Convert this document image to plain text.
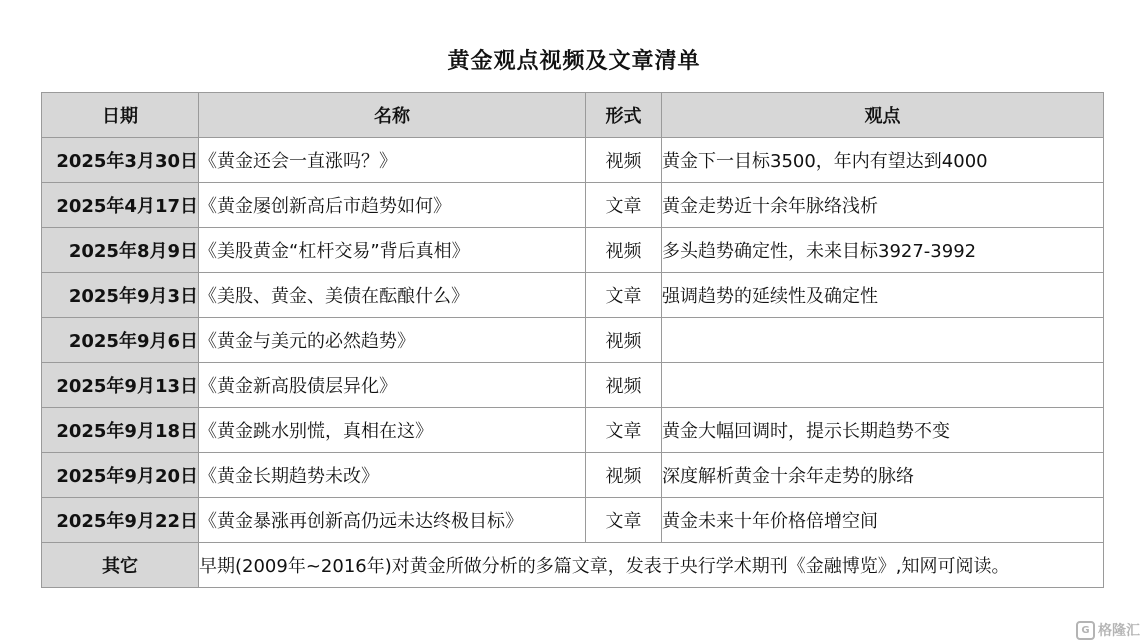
黄金观点视频及文章清单
日期	名称	形式	观点
2025年3月30日	《黄金还会一直涨吗？》	视频	黄金下一目标3500，年内有望达到4000
2025年4月17日	《黄金屡创新高后市趋势如何》	文章	黄金走势近十余年脉络浅析
2025年8月9日	《美股黄金“杠杆交易”背后真相》	视频	多头趋势确定性，未来目标3927-3992
2025年9月3日	《美股、黄金、美债在酝酿什么》	文章	强调趋势的延续性及确定性
2025年9月6日	《黄金与美元的必然趋势》	视频	
2025年9月13日	《黄金新高股债层异化》	视频	
2025年9月18日	《黄金跳水别慌，真相在这》	文章	黄金大幅回调时，提示长期趋势不变
2025年9月20日	《黄金长期趋势未改》	视频	深度解析黄金十余年走势的脉络
2025年9月22日	《黄金暴涨再创新高仍远未达终极目标》	文章	黄金未来十年价格倍增空间
其它	早期(2009年~2016年)对黄金所做分析的多篇文章，发表于央行学术期刊《金融博览》,知网可阅读。		
G 格隆汇
